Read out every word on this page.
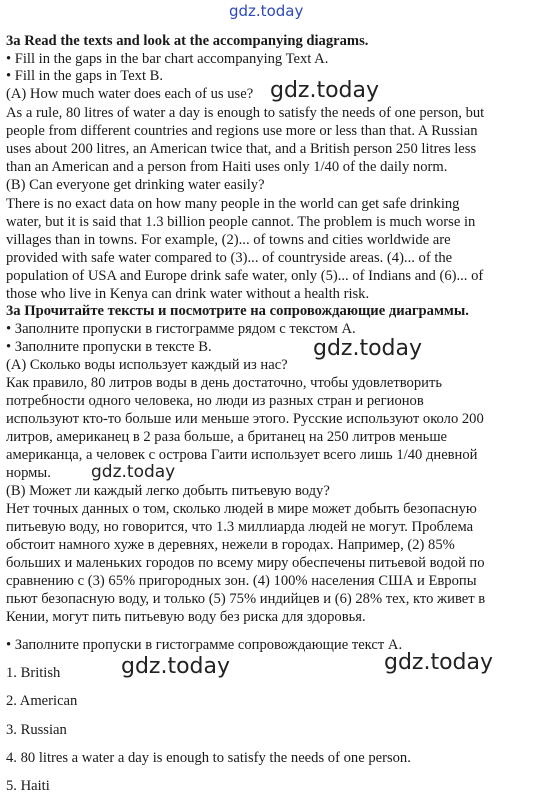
gdz.today
3a Read the texts and look at the accompanying diagrams.
• Fill in the gaps in the bar chart accompanying Text A.
• Fill in the gaps in Text B.
(A) How much water does each of us use?
As a rule, 80 litres of water a day is enough to satisfy the needs of one person, but
people from different countries and regions use more or less than that. A Russian
uses about 200 litres, an American twice that, and a British person 250 litres less
than an American and a person from Haiti uses only 1/40 of the daily norm.
(B) Can everyone get drinking water easily?
There is no exact data on how many people in the world can get safe drinking
water, but it is said that 1.3 billion people cannot. The problem is much worse in
villages than in towns. For example, (2)... of towns and cities worldwide are
provided with safe water compared to (3)... of countryside areas. (4)... of the
population of USA and Europe drink safe water, only (5)... of Indians and (6)... of
those who live in Kenya can drink water without a health risk.
3а Прочитайте тексты и посмотрите на сопровождающие диаграммы.
• Заполните пропуски в гистограмме рядом с текстом А.
• Заполните пропуски в тексте В.
(А) Сколько воды использует каждый из нас?
Как правило, 80 литров воды в день достаточно, чтобы удовлетворить
потребности одного человека, но люди из разных стран и регионов
используют кто-то больше или меньше этого. Русские используют около 200
литров, американец в 2 раза больше, а британец на 250 литров меньше
американца, а человек с острова Гаити использует всего лишь 1/40 дневной
нормы.
(В) Может ли каждый легко добыть питьевую воду?
Нет точных данных о том, сколько людей в мире может добыть безопасную
питьевую воду, но говорится, что 1.3 миллиарда людей не могут. Проблема
обстоит намного хуже в деревнях, нежели в городах. Например, (2) 85%
больших и маленьких городов по всему миру обеспечены питьевой водой по
сравнению с (3) 65% пригородных зон. (4) 100% населения США и Европы
пьют безопасную воду, и только (5) 75% индийцев и (6) 28% тех, кто живет в
Кении, могут пить питьевую воду без риска для здоровья.
• Заполните пропуски в гистограмме сопровождающие текст А.
1. British
2. American
3. Russian
4. 80 litres a water a day is enough to satisfy the needs of one person.
5. Haiti
gdz.today
gdz.today
gdz.today
gdz.today	gdz.today
